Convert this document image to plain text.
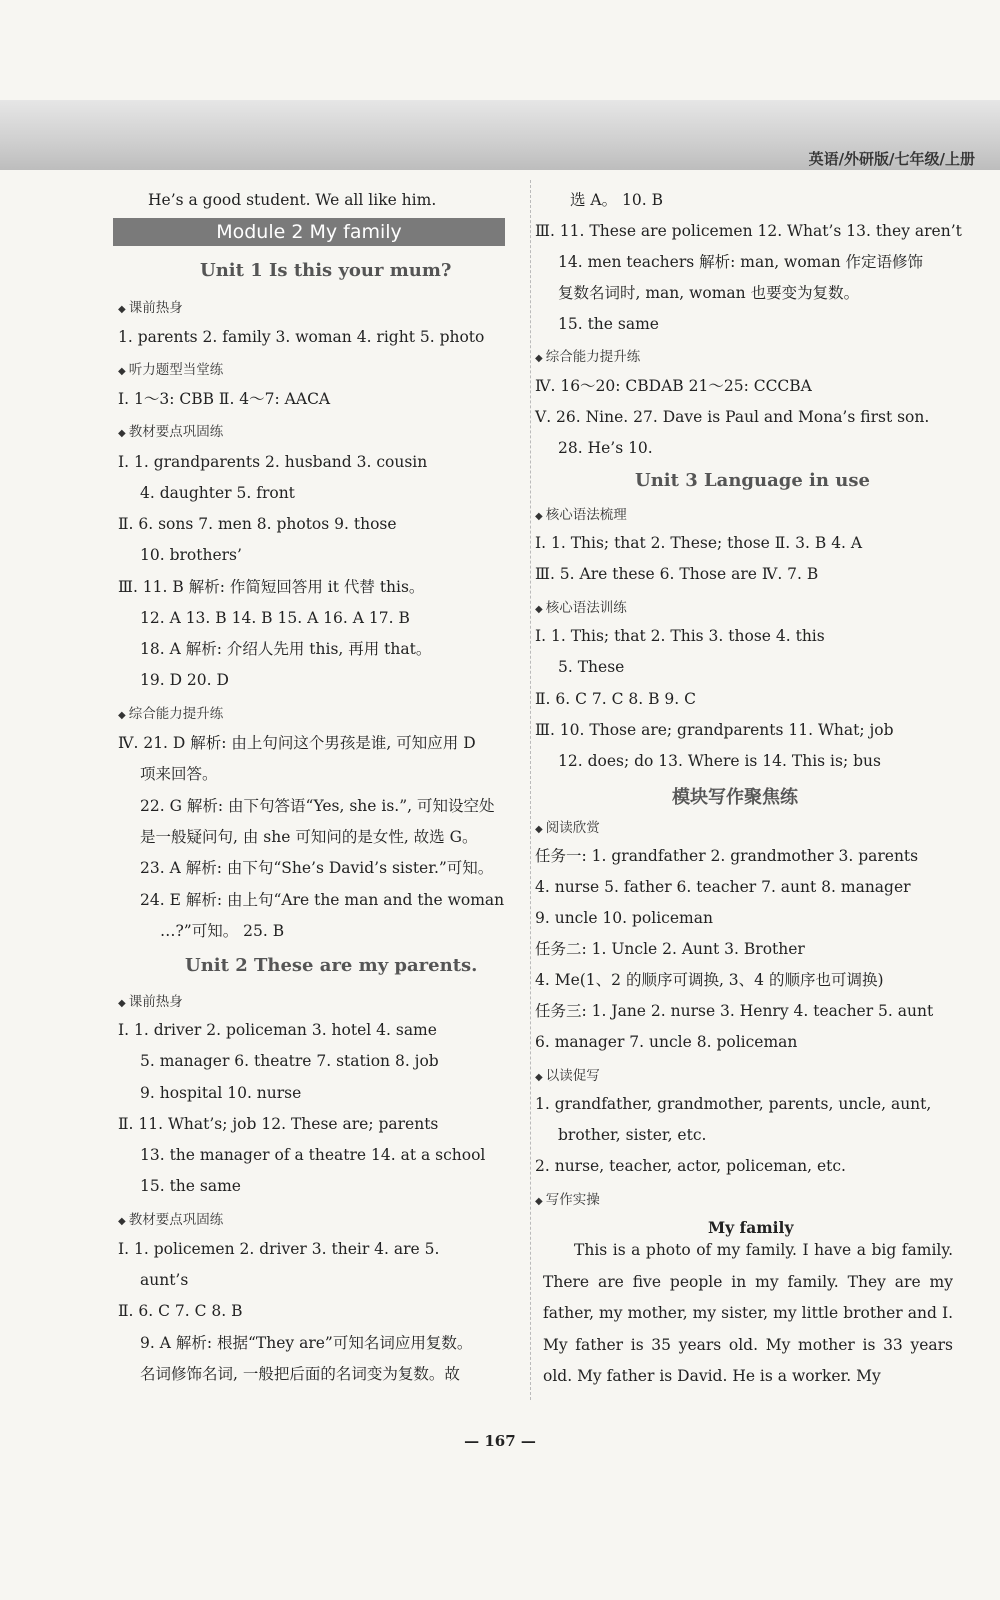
英语/外研版/七年级/上册
He’s a good student. We all like him.
Module 2 My family
Unit 1 Is this your mum?
◆ 课前热身
1. parents 2. family 3. woman 4. right 5. photo
◆ 听力题型当堂练
Ⅰ. 1～3: CBB Ⅱ. 4～7: AACA
◆ 教材要点巩固练
Ⅰ. 1. grandparents 2. husband 3. cousin
4. daughter 5. front
Ⅱ. 6. sons 7. men 8. photos 9. those
10. brothers’
Ⅲ. 11. B 解析: 作简短回答用 it 代替 this。
12. A 13. B 14. B 15. A 16. A 17. B
18. A 解析: 介绍人先用 this, 再用 that。
19. D 20. D
◆ 综合能力提升练
Ⅳ. 21. D 解析: 由上句问这个男孩是谁, 可知应用 D
项来回答。
22. G 解析: 由下句答语“Yes, she is.”, 可知设空处
是一般疑问句, 由 she 可知问的是女性, 故选 G。
23. A 解析: 由下句“She’s David’s sister.”可知。
24. E 解析: 由上句“Are the man and the woman
…?”可知。 25. B
Unit 2 These are my parents.
◆ 课前热身
Ⅰ. 1. driver 2. policeman 3. hotel 4. same
5. manager 6. theatre 7. station 8. job
9. hospital 10. nurse
Ⅱ. 11. What’s; job 12. These are; parents
13. the manager of a theatre 14. at a school
15. the same
◆ 教材要点巩固练
Ⅰ. 1. policemen 2. driver 3. their 4. are 5.
aunt’s
Ⅱ. 6. C 7. C 8. B
9. A 解析: 根据“They are”可知名词应用复数。
名词修饰名词, 一般把后面的名词变为复数。故
选 A。 10. B
Ⅲ. 11. These are policemen 12. What’s 13. they aren’t
14. men teachers 解析: man, woman 作定语修饰
复数名词时, man, woman 也要变为复数。
15. the same
◆ 综合能力提升练
Ⅳ. 16～20: CBDAB 21～25: CCCBA
Ⅴ. 26. Nine. 27. Dave is Paul and Mona’s first son.
28. He’s 10.
Unit 3 Language in use
◆ 核心语法梳理
Ⅰ. 1. This; that 2. These; those Ⅱ. 3. B 4. A
Ⅲ. 5. Are these 6. Those are Ⅳ. 7. B
◆ 核心语法训练
Ⅰ. 1. This; that 2. This 3. those 4. this
5. These
Ⅱ. 6. C 7. C 8. B 9. C
Ⅲ. 10. Those are; grandparents 11. What; job
12. does; do 13. Where is 14. This is; bus
模块写作聚焦练
◆ 阅读欣赏
任务一: 1. grandfather 2. grandmother 3. parents
4. nurse 5. father 6. teacher 7. aunt 8. manager
9. uncle 10. policeman
任务二: 1. Uncle 2. Aunt 3. Brother
4. Me(1、2 的顺序可调换, 3、4 的顺序也可调换)
任务三: 1. Jane 2. nurse 3. Henry 4. teacher 5. aunt
6. manager 7. uncle 8. policeman
◆ 以读促写
1. grandfather, grandmother, parents, uncle, aunt,
brother, sister, etc.
2. nurse, teacher, actor, policeman, etc.
◆ 写作实操
My family
This is a photo of my family. I have a big family. There are five people in my family. They are my father, my mother, my sister, my little brother and I. My father is 35 years old. My mother is 33 years old. My father is David. He is a worker. My
— 167 —
